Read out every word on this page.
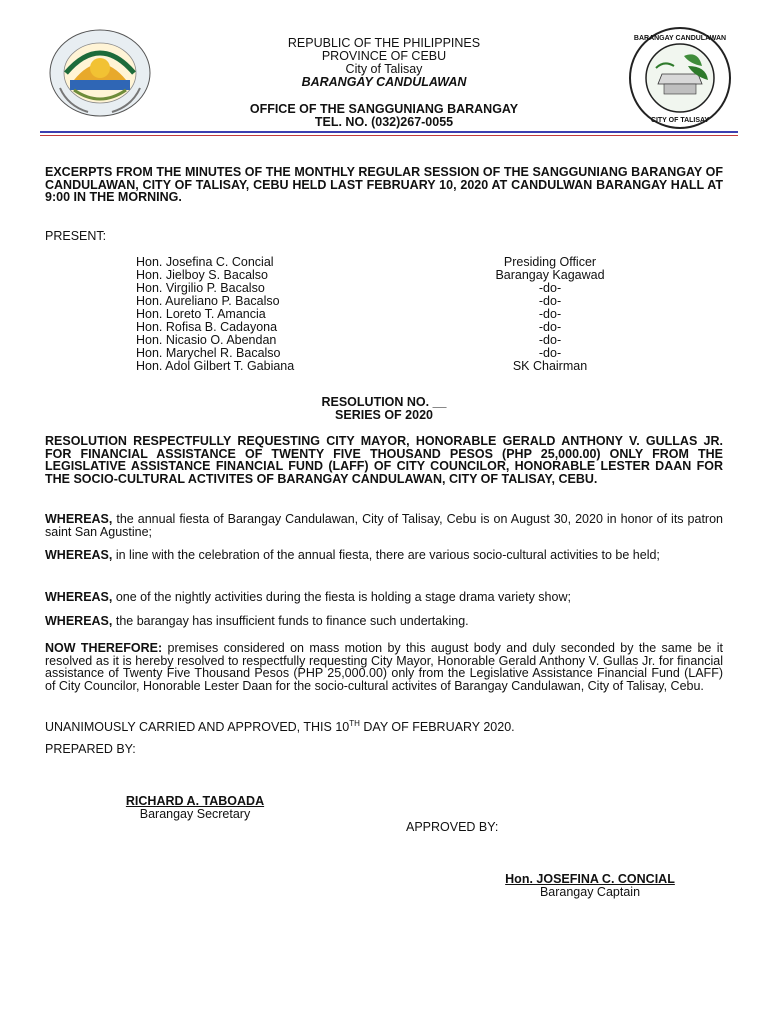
BARANGAY CANDULAWAN
CITY OF TALISAY
REPUBLIC OF THE PHILIPPINES
PROVINCE OF CEBU
City of Talisay
BARANGAY CANDULAWAN
OFFICE OF THE SANGGUNIANG BARANGAY
TEL. NO. (032)267-0055
EXCERPTS FROM THE MINUTES OF THE MONTHLY REGULAR SESSION OF THE SANGGUNIANG BARANGAY OF CANDULAWAN, CITY OF TALISAY, CEBU HELD LAST FEBRUARY 10, 2020 AT CANDULWAN BARANGAY HALL AT 9:00 IN THE MORNING.
PRESENT:
Hon. Josefina C. Concial	Presiding Officer
Hon. Jielboy S. Bacalso	Barangay Kagawad
Hon. Virgilio P. Bacalso	-do-
Hon. Aureliano P. Bacalso	-do-
Hon. Loreto T. Amancia	-do-
Hon. Rofisa B. Cadayona	-do-
Hon. Nicasio O. Abendan	-do-
Hon. Marychel R. Bacalso	-do-
Hon. Adol Gilbert T. Gabiana	SK Chairman
RESOLUTION NO. __
SERIES OF 2020
RESOLUTION RESPECTFULLY REQUESTING CITY MAYOR, HONORABLE GERALD ANTHONY V. GULLAS JR. FOR FINANCIAL ASSISTANCE OF TWENTY FIVE THOUSAND PESOS (PHP 25,000.00) ONLY FROM THE LEGISLATIVE ASSISTANCE FINANCIAL FUND (LAFF) OF CITY COUNCILOR, HONORABLE LESTER DAAN FOR THE SOCIO-CULTURAL ACTIVITES OF BARANGAY CANDULAWAN, CITY OF TALISAY, CEBU.
WHEREAS, the annual fiesta of Barangay Candulawan, City of Talisay, Cebu is on August 30, 2020 in honor of its patron saint San Agustine;
WHEREAS, in line with the celebration of the annual fiesta, there are various socio-cultural activities to be held;
WHEREAS, one of the nightly activities during the fiesta is holding a stage drama variety show;
WHEREAS, the barangay has insufficient funds to finance such undertaking.
NOW THEREFORE: premises considered on mass motion by this august body and duly seconded by the same be it resolved as it is hereby resolved to respectfully requesting City Mayor, Honorable Gerald Anthony V. Gullas Jr. for financial assistance of Twenty Five Thousand Pesos (PHP 25,000.00) only from the Legislative Assistance Financial Fund (LAFF) of City Councilor, Honorable Lester Daan for the socio-cultural activites of Barangay Candulawan, City of Talisay, Cebu.
UNANIMOUSLY CARRIED AND APPROVED, THIS 10TH DAY OF FEBRUARY 2020.
PREPARED BY:
RICHARD A. TABOADA
Barangay Secretary
APPROVED BY:
Hon. JOSEFINA C. CONCIAL
Barangay Captain
